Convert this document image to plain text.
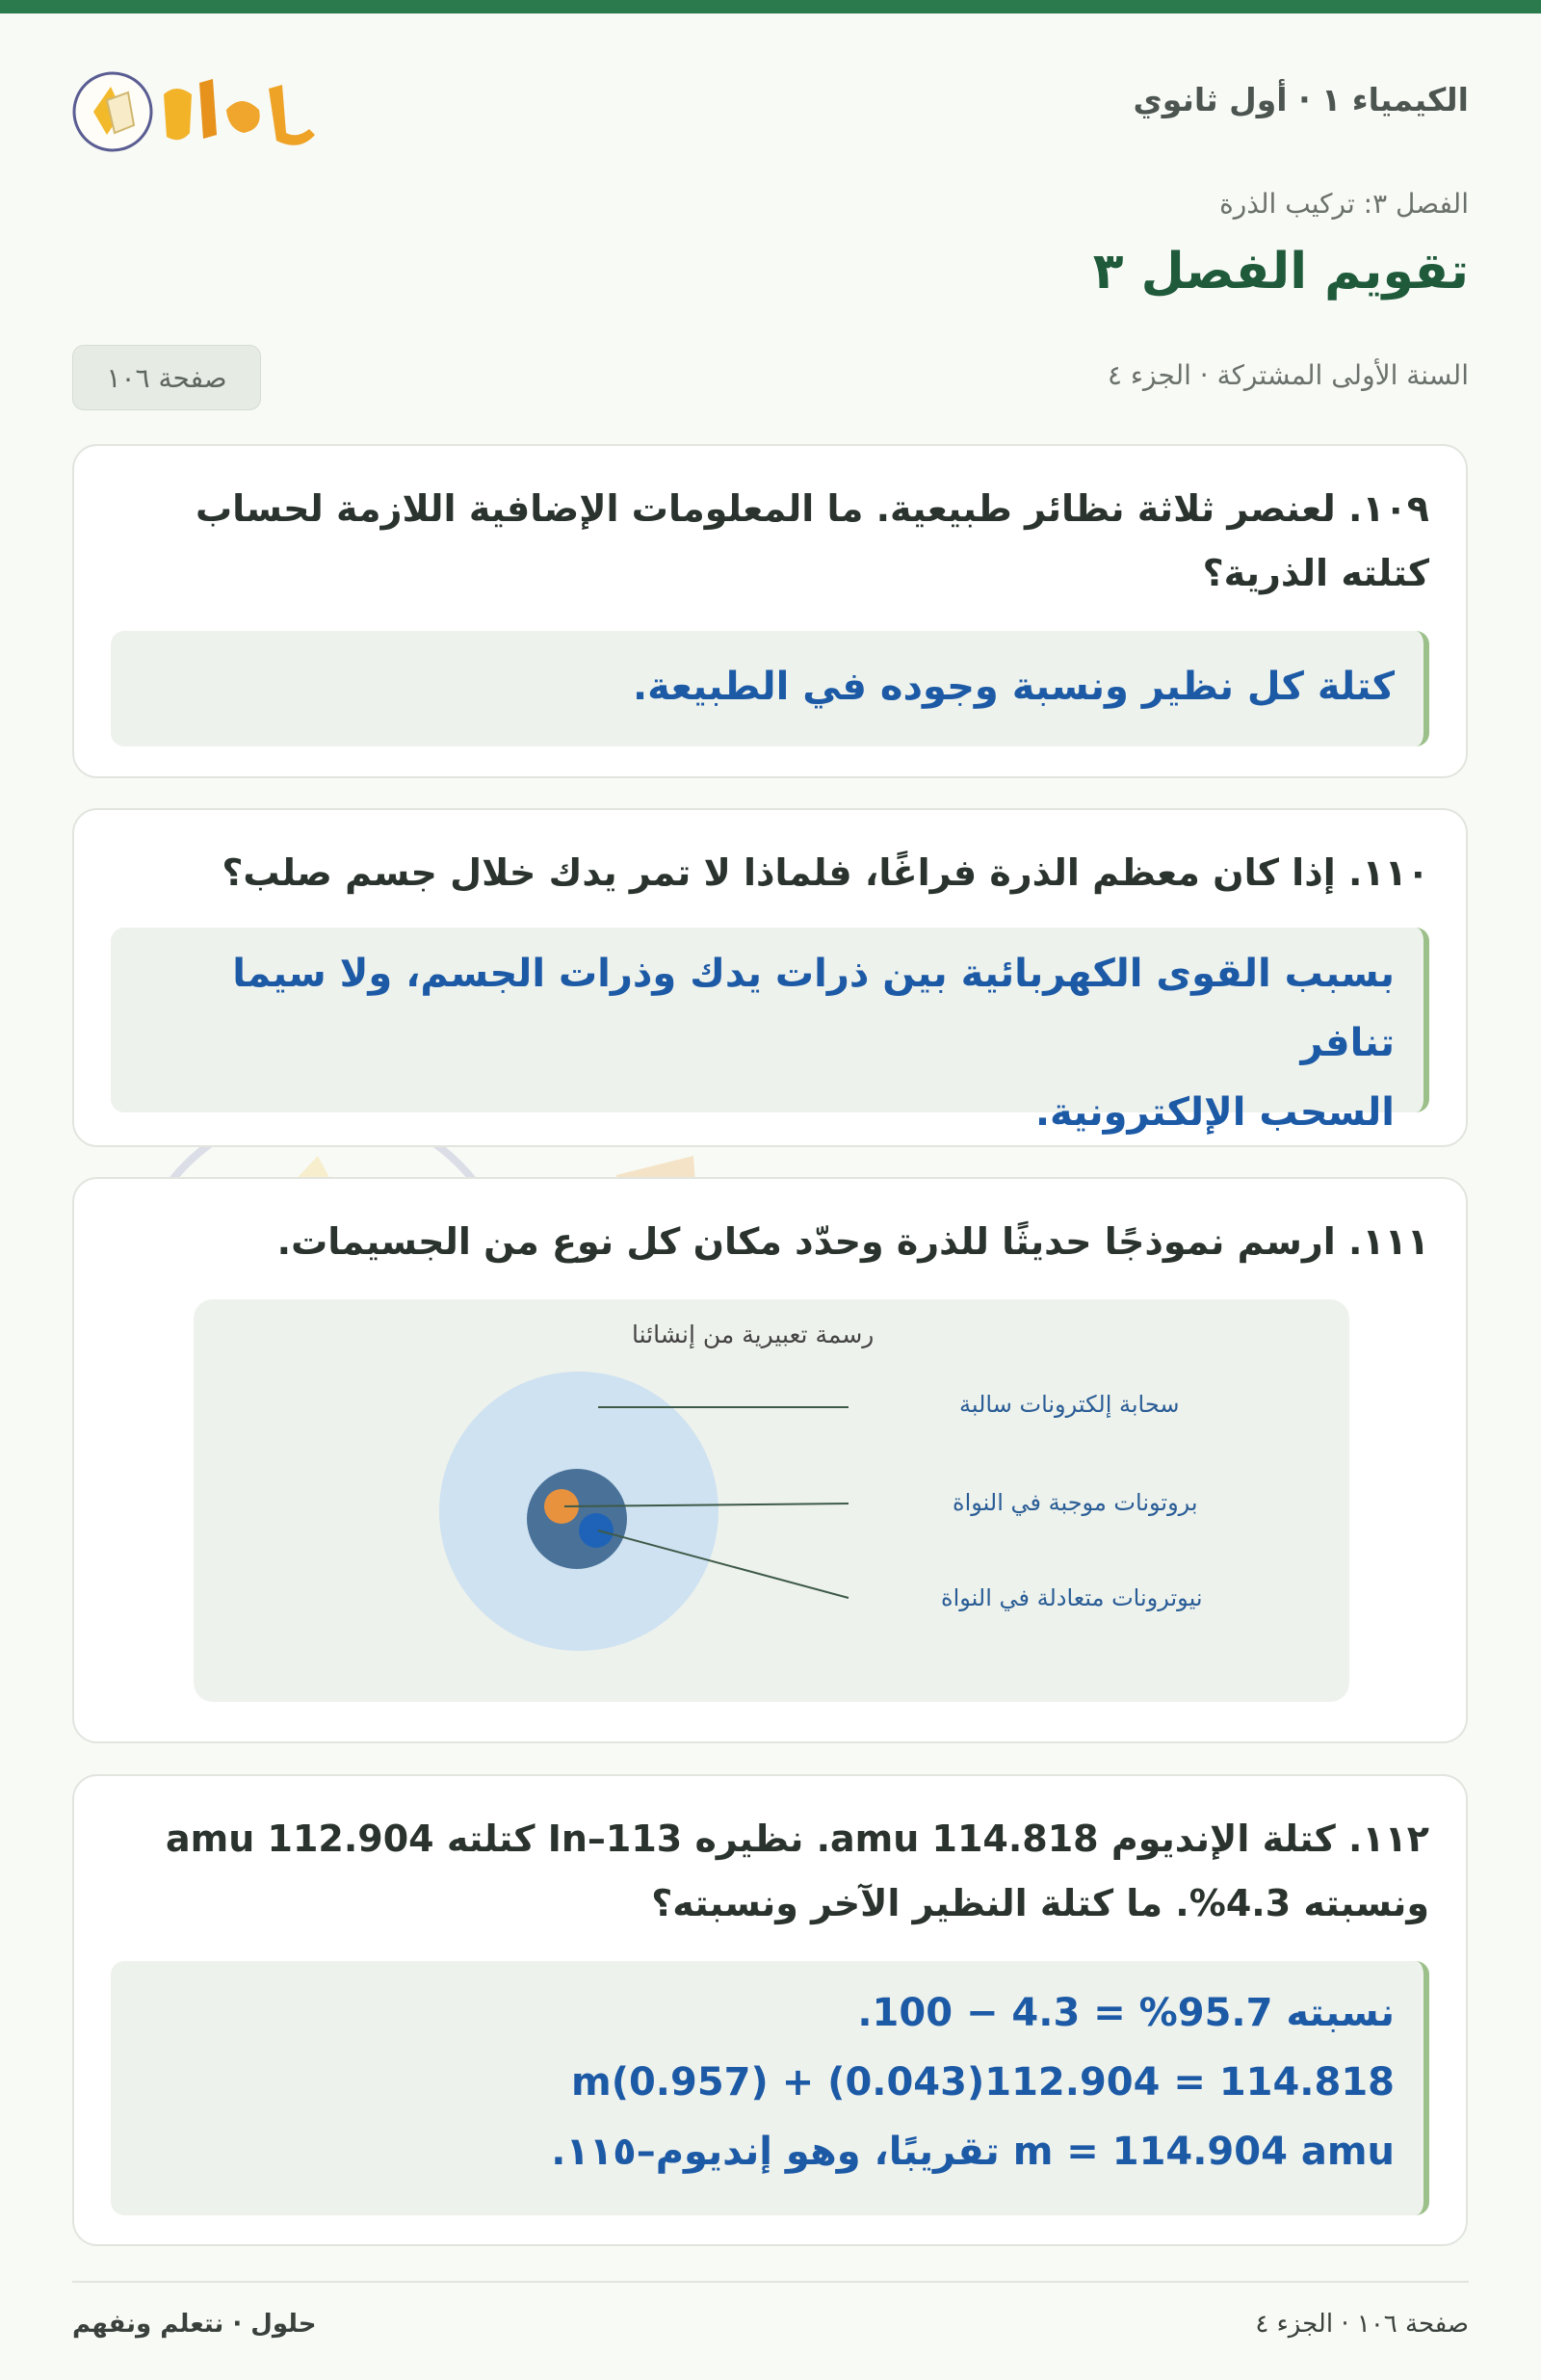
الكيمياء ١ · أول ثانوي
الفصل ٣: تركيب الذرة
تقويم الفصل ٣
السنة الأولى المشتركة · الجزء ٤
صفحة ١٠٦
١٠٩. لعنصر ثلاثة نظائر طبيعية. ما المعلومات الإضافية اللازمة لحساب
كتلته الذرية؟
كتلة كل نظير ونسبة وجوده في الطبيعة.
١١٠. إذا كان معظم الذرة فراغًا، فلماذا لا تمر يدك خلال جسم صلب؟
بسبب القوى الكهربائية بين ذرات يدك وذرات الجسم، ولا سيما تنافر
السحب الإلكترونية.
١١١. ارسم نموذجًا حديثًا للذرة وحدّد مكان كل نوع من الجسيمات.
رسمة تعبيرية من إنشائنا
سحابة إلكترونات سالبة
بروتونات موجبة في النواة
نيوترونات متعادلة في النواة
١١٢. كتلة الإنديوم amu 114.818. نظيره In–113 كتلته amu 112.904
ونسبته 4.3%. ما كتلة النظير الآخر ونسبته؟
نسبته 95.7% = 4.3 − 100.
114.818 = 112.904(0.043) + m(0.957)
m = 114.904 amu تقريبًا، وهو إنديوم–١١٥.
حلول · نتعلم ونفهم	صفحة ١٠٦ · الجزء ٤
